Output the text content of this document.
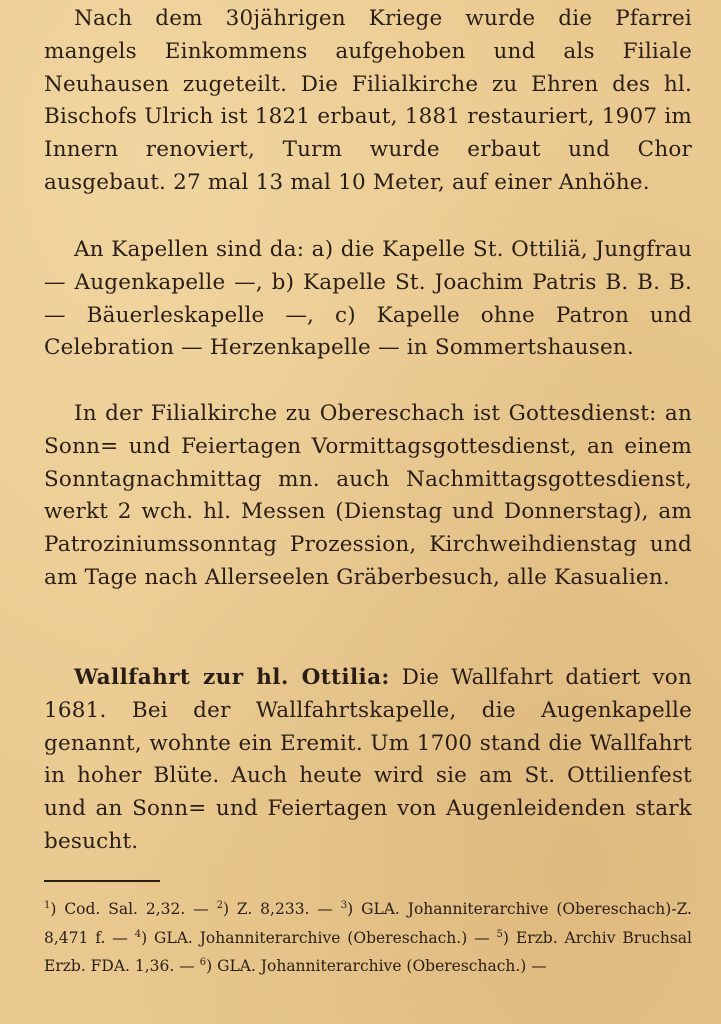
Nach dem 30jährigen Kriege wurde die Pfarrei mangels Einkommens aufgehoben und als Filiale Neuhausen zugeteilt. Die Filialkirche zu Ehren des hl. Bischofs Ulrich ist 1821 erbaut, 1881 restauriert, 1907 im Innern renoviert, Turm wurde erbaut und Chor ausgebaut. 27 mal 13 mal 10 Meter, auf einer Anhöhe.

An Kapellen sind da: a) die Kapelle St. Ottiliä, Jungfrau — Augenkapelle —, b) Kapelle St. Joachim Patris B. B. B. — Bäuerleskapelle —, c) Kapelle ohne Patron und Celebration — Herzenkapelle — in Sommertshausen.

In der Filialkirche zu Obereschach ist Gottesdienst: an Sonn= und Feiertagen Vormittagsgottesdienst, an einem Sonntagnachmittag mn. auch Nachmittagsgottesdienst, werkt 2 wch. hl. Messen (Dienstag und Donnerstag), am Patroziniumssonntag Prozession, Kirchweihdienstag und am Tage nach Allerseelen Gräberbesuch, alle Kasualien.

Wallfahrt zur hl. Ottilia: Die Wallfahrt datiert von 1681. Bei der Wallfahrtskapelle, die Augenkapelle genannt, wohnte ein Eremit. Um 1700 stand die Wallfahrt in hoher Blüte. Auch heute wird sie am St. Ottilienfest und an Sonn= und Feiertagen von Augenleidenden stark besucht.

$^1$) Cod. Sal. 2,32. — $^2$) Z. 8,233. — $^3$) GLA. Johanniterarchive (Obereschach)-Z. 8,471 f. — $^4$) GLA. Johanniterarchive (Obereschach.) — $^5$) Erzb. Archiv Bruchsal Erzb. FDA. 1,36. — $^6$) GLA. Johanniterarchive (Obereschach.) —
